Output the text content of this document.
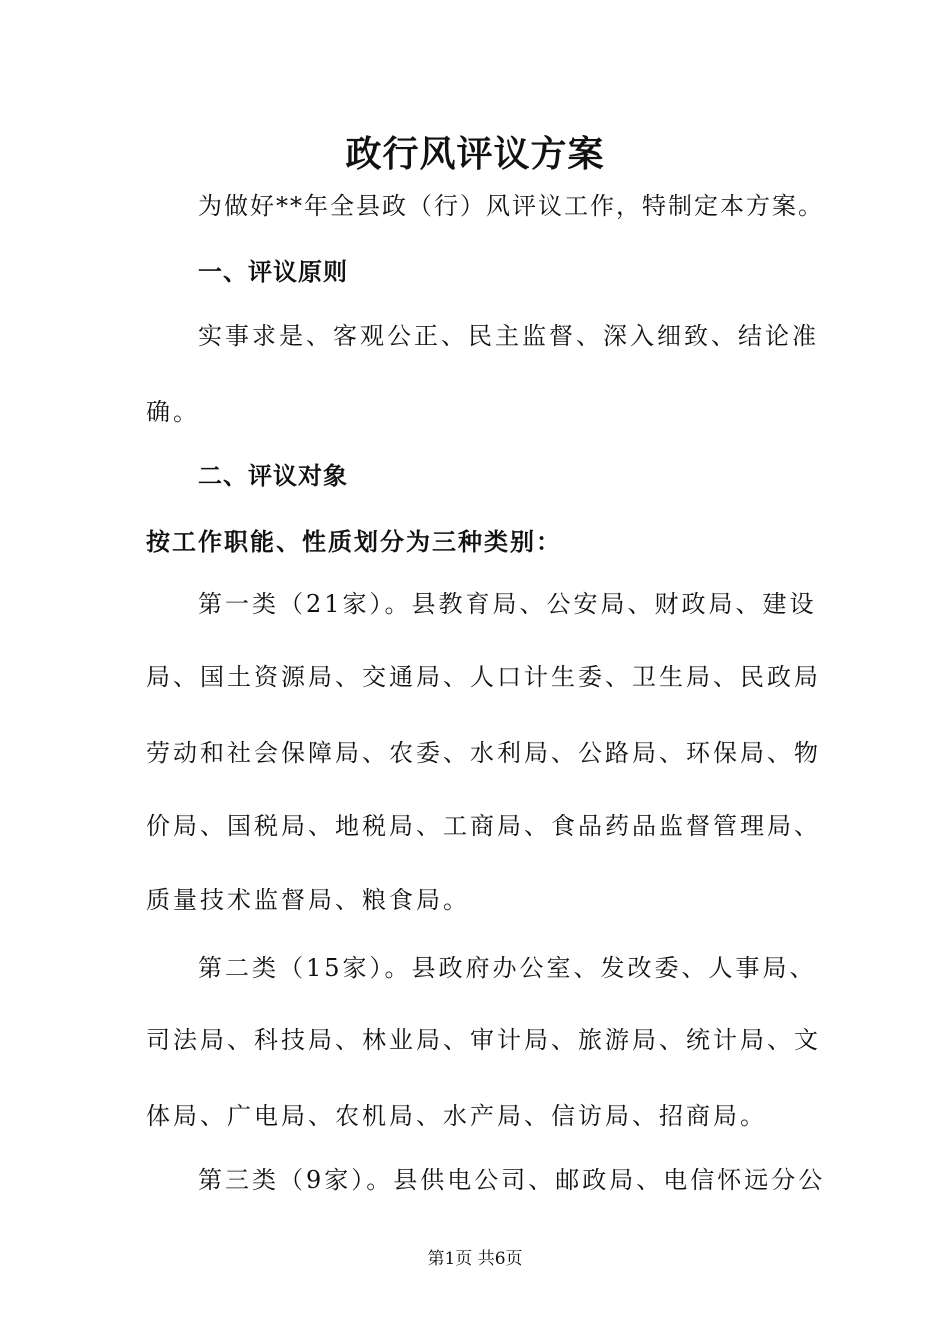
政行风评议方案
为做好**年全县政（行）风评议工作，特制定本方案。
一、评议原则
实事求是、客观公正、民主监督、深入细致、结论准
确。
二、评议对象
按工作职能、性质划分为三种类别：
第一类（21家）。县教育局、公安局、财政局、建设
局、国土资源局、交通局、人口计生委、卫生局、民政局
劳动和社会保障局、农委、水利局、公路局、环保局、物
价局、国税局、地税局、工商局、食品药品监督管理局、
质量技术监督局、粮食局。
第二类（15家）。县政府办公室、发改委、人事局、
司法局、科技局、林业局、审计局、旅游局、统计局、文
体局、广电局、农机局、水产局、信访局、招商局。
第三类（9家）。县供电公司、邮政局、电信怀远分公
第1页 共6页
